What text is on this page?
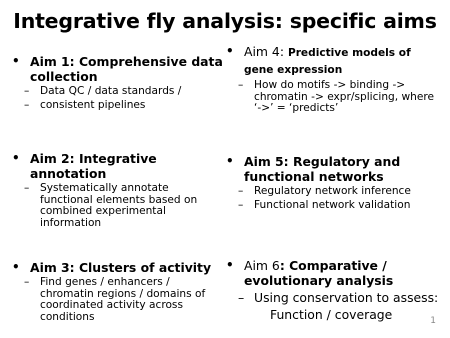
Integrative fly analysis: specific aims
• Aim 1: Comprehensive data collection
– Data QC / data standards /
– consistent pipelines
• Aim 2: Integrative annotation
– Systematically annotate functional elements based on combined experimental information
• Aim 3: Clusters of activity
– Find genes / enhancers / chromatin regions / domains of coordinated activity across conditions
• Aim 4: Predictive models of gene expression
– How do motifs -> binding -> chromatin -> expr/splicing, where ‘->’ = ‘predicts’
• Aim 5: Regulatory and functional networks
– Regulatory network inference
– Functional network validation
• Aim 6: Comparative / evolutionary analysis
– Using conservation to assess:
Function / coverage	1
